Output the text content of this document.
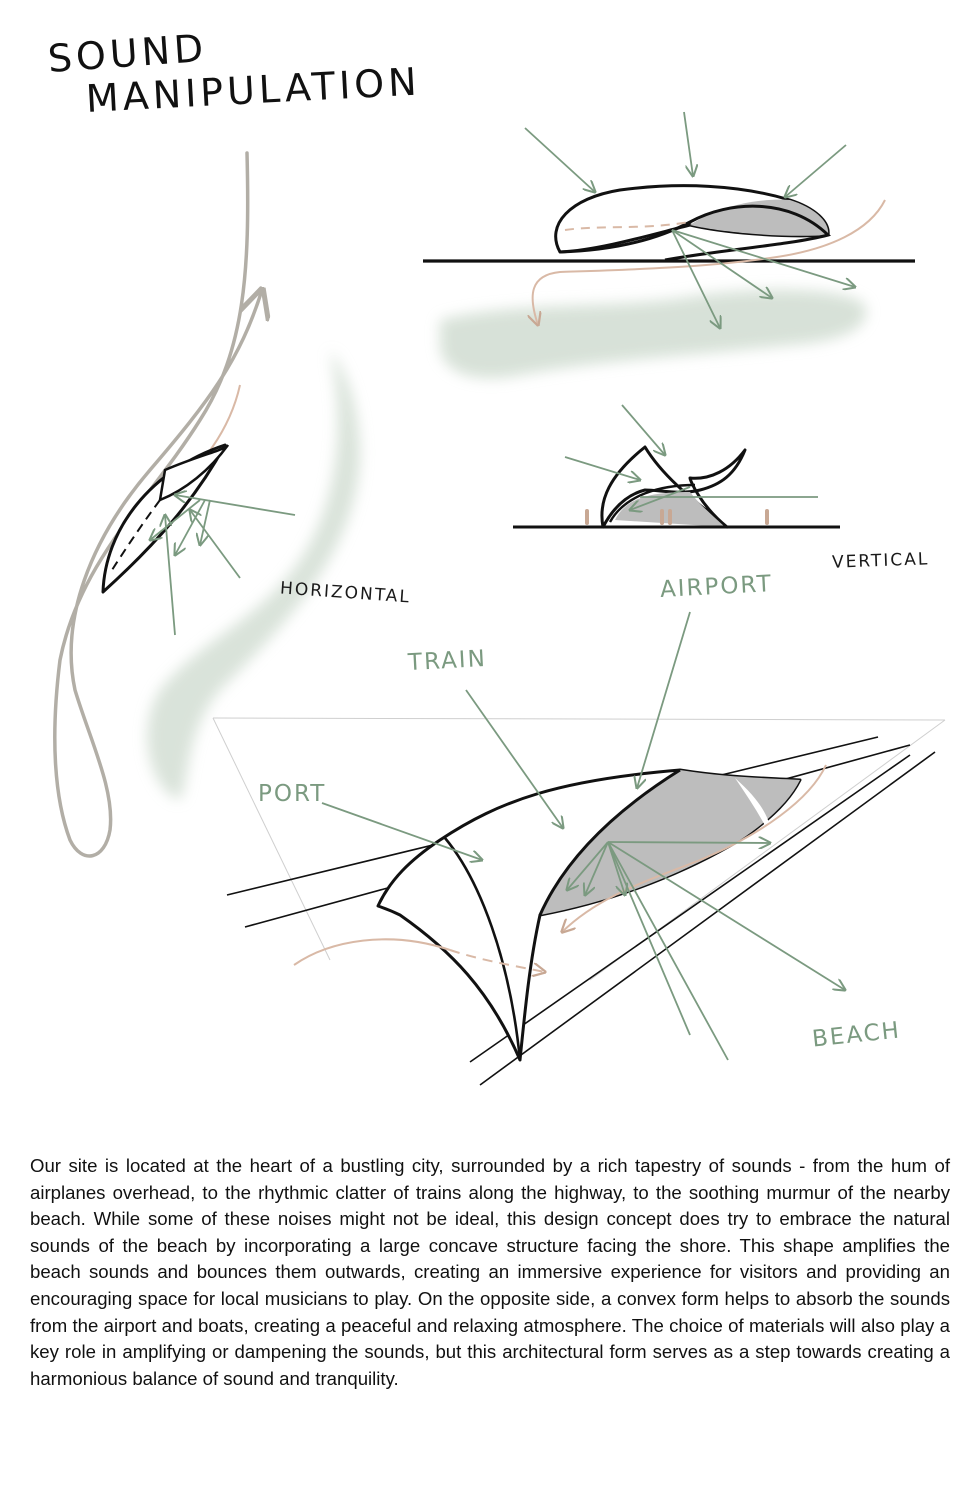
SOUND
MANIPULATION
HORIZONTAL
VERTICAL
AIRPORT
TRAIN
PORT
BEACH

Our site is located at the heart of a bustling city, surrounded by a rich tapestry of sounds - from the hum of airplanes overhead, to the rhythmic clatter of trains along the highway, to the soothing murmur of the nearby beach. While some of these noises might not be ideal, this design concept does try to embrace the natural sounds of the beach by incorporating a large concave structure facing the shore. This shape amplifies the beach sounds and bounces them outwards, creating an immersive experience for visitors and providing an encouraging space for local musicians to play. On the opposite side, a convex form helps to absorb the sounds from the airport and boats, creating a peaceful and relaxing atmosphere. The choice of materials will also play a key role in amplifying or dampening the sounds, but this architectural form serves as a step towards creating a harmonious balance of sound and tranquility.
